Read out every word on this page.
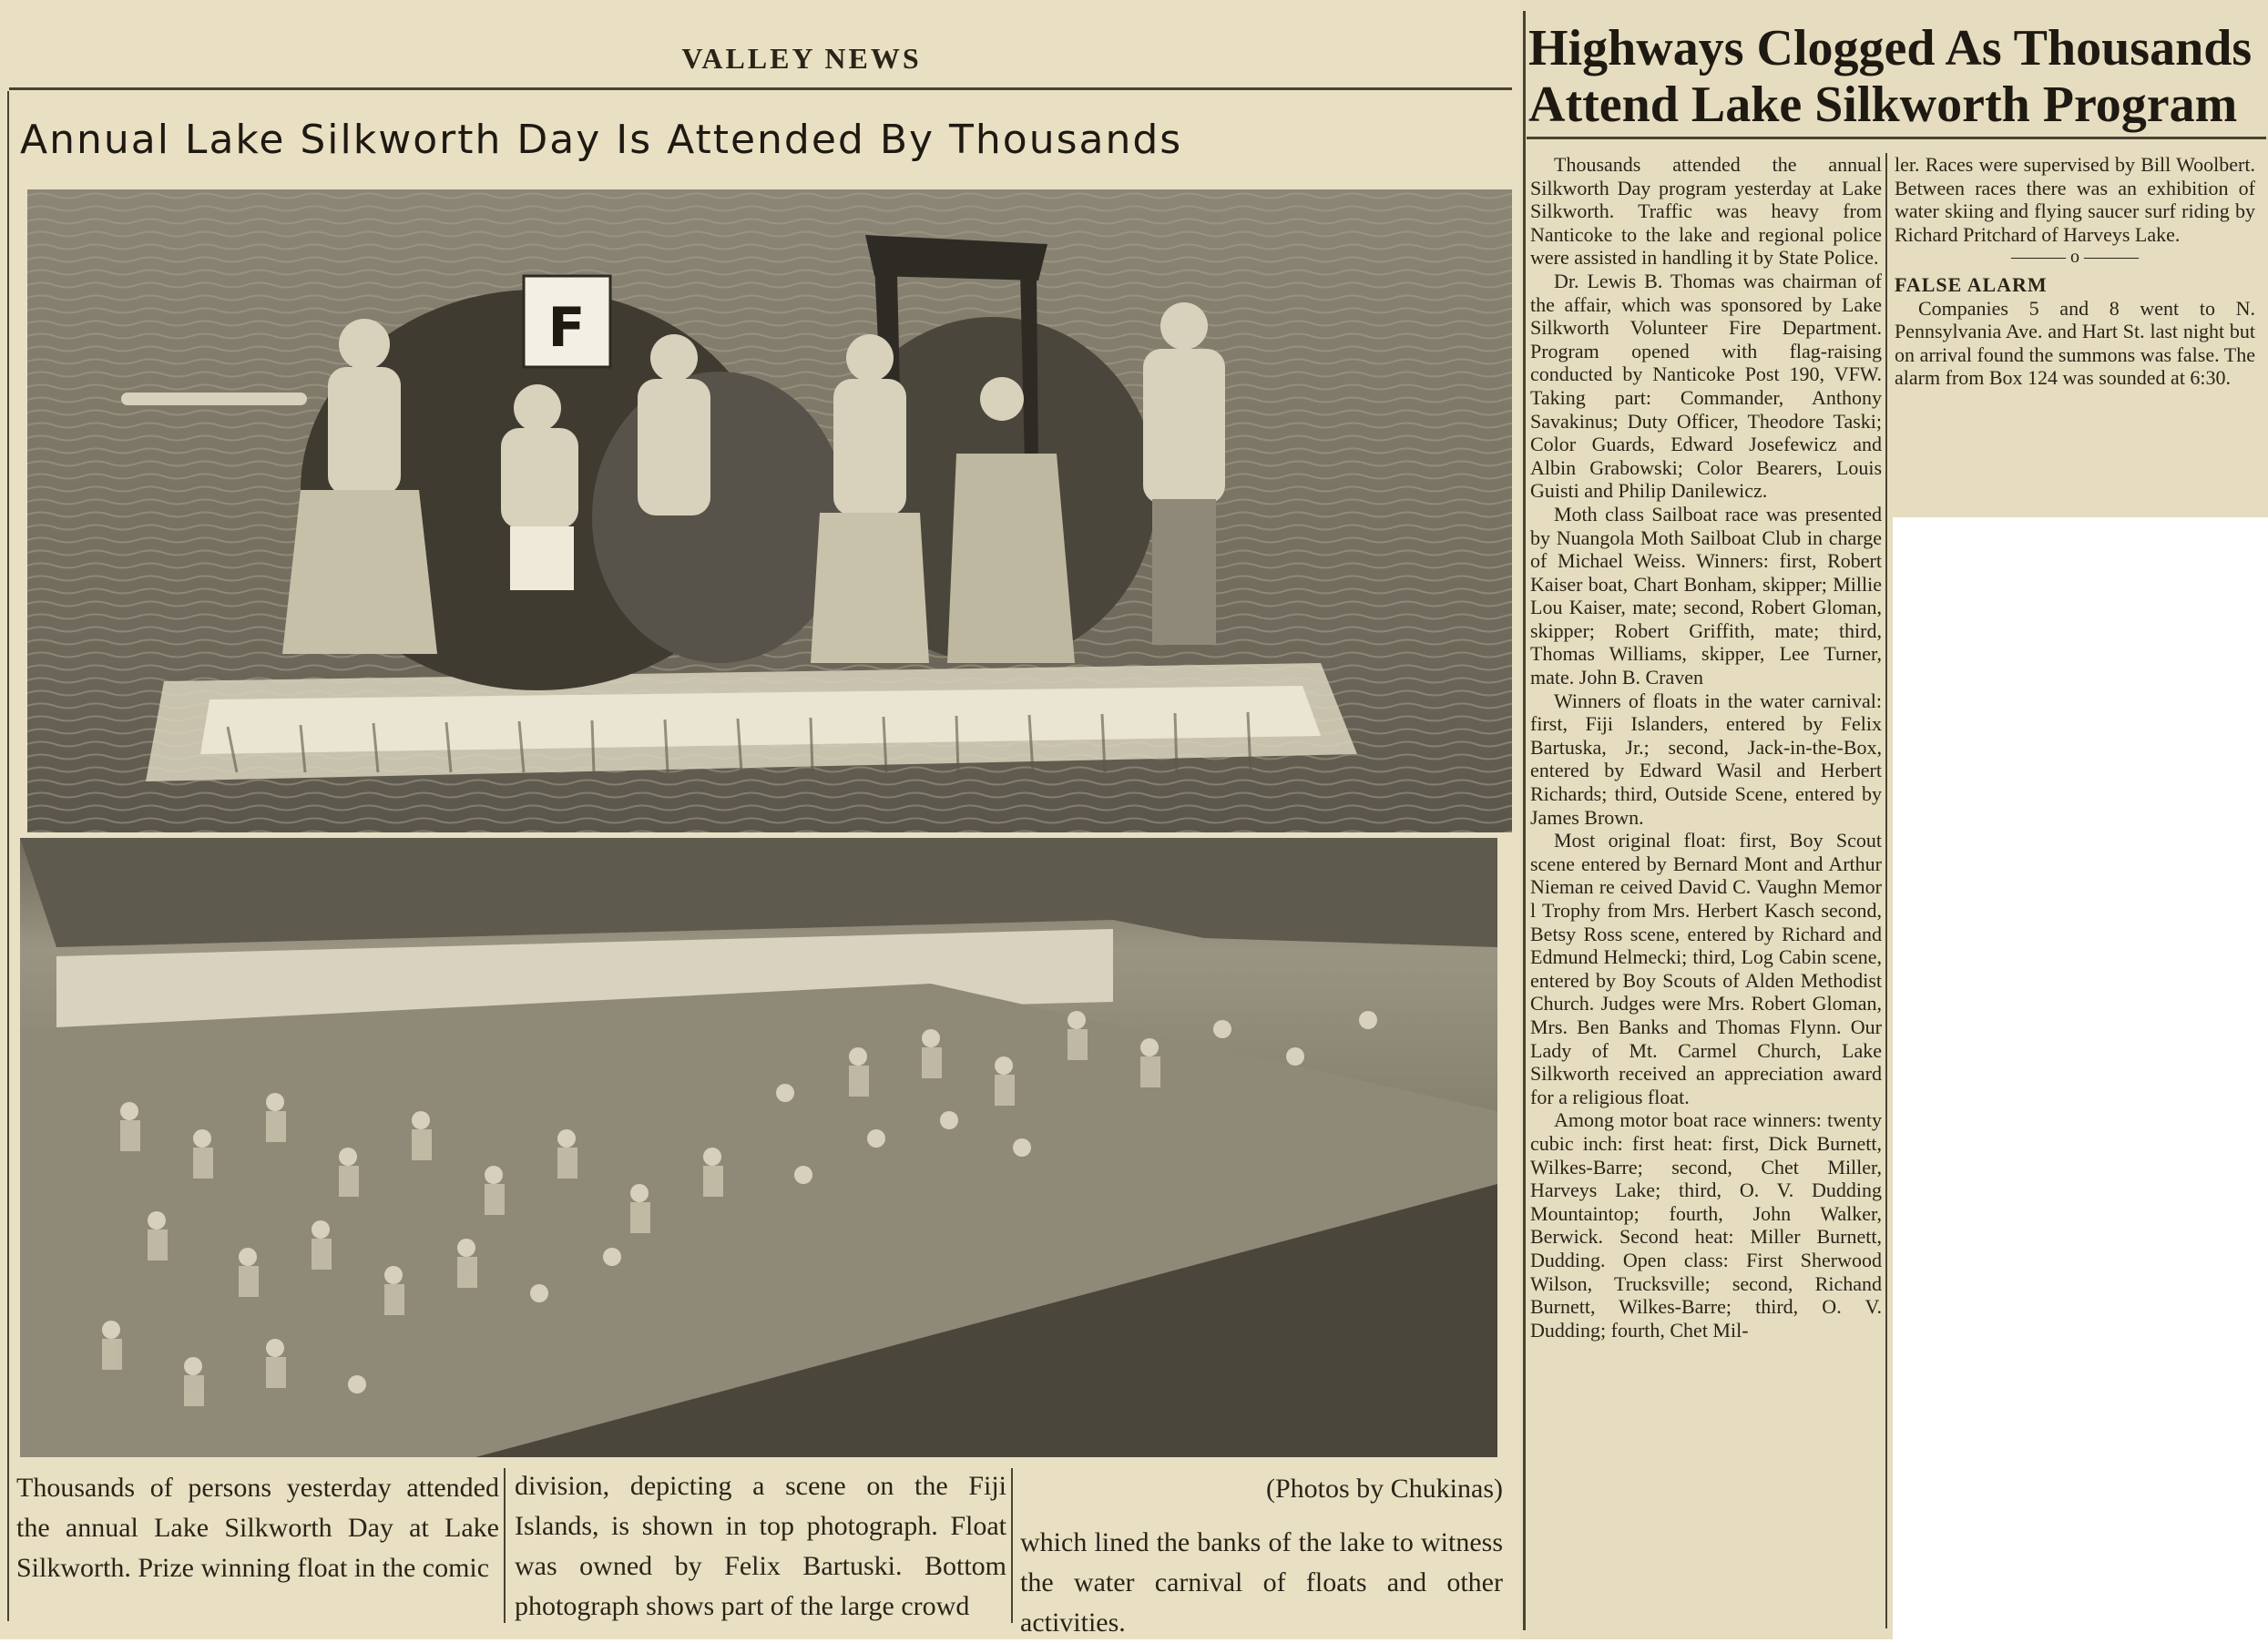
VALLEY NEWS
Annual Lake Silkworth Day Is Attended By Thousands
F
Thousands of persons yesterday attended the annual Lake Silkworth Day at Lake Silkworth. Prize winning float in the comic
division, depicting a scene on the Fiji Islands, is shown in top photograph. Float was owned by Felix Bartuski. Bottom photograph shows part of the large crowd
(Photos by Chukinas)
which lined the banks of the lake to witness the water carnival of floats and other activities.
Highways Clogged As Thousands Attend Lake Silkworth Program

Thousands attended the annual Silkworth Day program yesterday at Lake Silkworth. Traffic was heavy from Nanticoke to the lake and regional police were assisted in handling it by State Police.

Dr. Lewis B. Thomas was chairman of the affair, which was sponsored by Lake Silkworth Volunteer Fire Department. Program opened with flag-raising conducted by Nanticoke Post 190, VFW. Taking part: Commander, Anthony Savakinus; Duty Officer, Theodore Taski; Color Guards, Edward Josefewicz and Albin Grabowski; Color Bearers, Louis Guisti and Philip Danilewicz.

Moth class Sailboat race was presented by Nuangola Moth Sailboat Club in charge of Michael Weiss. Winners: first, Robert Kaiser boat, Chart Bonham, skipper; Millie Lou Kaiser, mate; second, Robert Gloman, skipper; Robert Griffith, mate; third, Thomas Williams, skipper, Lee Turner, mate. John B. Craven

Winners of floats in the water carnival: first, Fiji Islanders, entered by Felix Bartuska, Jr.; second, Jack-in-the-Box, entered by Edward Wasil and Herbert Richards; third, Outside Scene, entered by James Brown.

Most original float: first, Boy Scout scene entered by Bernard Mont and Arthur Nieman re ceived David C. Vaughn Memor l Trophy from Mrs. Herbert Kasch second, Betsy Ross scene, entered by Richard and Edmund Helmecki; third, Log Cabin scene, entered by Boy Scouts of Alden Methodist Church. Judges were Mrs. Robert Gloman, Mrs. Ben Banks and Thomas Flynn. Our Lady of Mt. Carmel Church, Lake Silkworth received an appreciation award for a religious float.

Among motor boat race winners: twenty cubic inch: first heat: first, Dick Burnett, Wilkes-Barre; second, Chet Miller, Harveys Lake; third, O. V. Dudding Mountaintop; fourth, John Walker, Berwick. Second heat: Miller Burnett, Dudding. Open class: First Sherwood Wilson, Trucksville; second, Richand Burnett, Wilkes-Barre; third, O. V. Dudding; fourth, Chet Mil-

ler. Races were supervised by Bill Woolbert. Between races there was an exhibition of water skiing and flying saucer surf riding by Richard Pritchard of Harveys Lake.

——— o ———

FALSE ALARM

Companies 5 and 8 went to N. Pennsylvania Ave. and Hart St. last night but on arrival found the summons was false. The alarm from Box 124 was sounded at 6:30.
